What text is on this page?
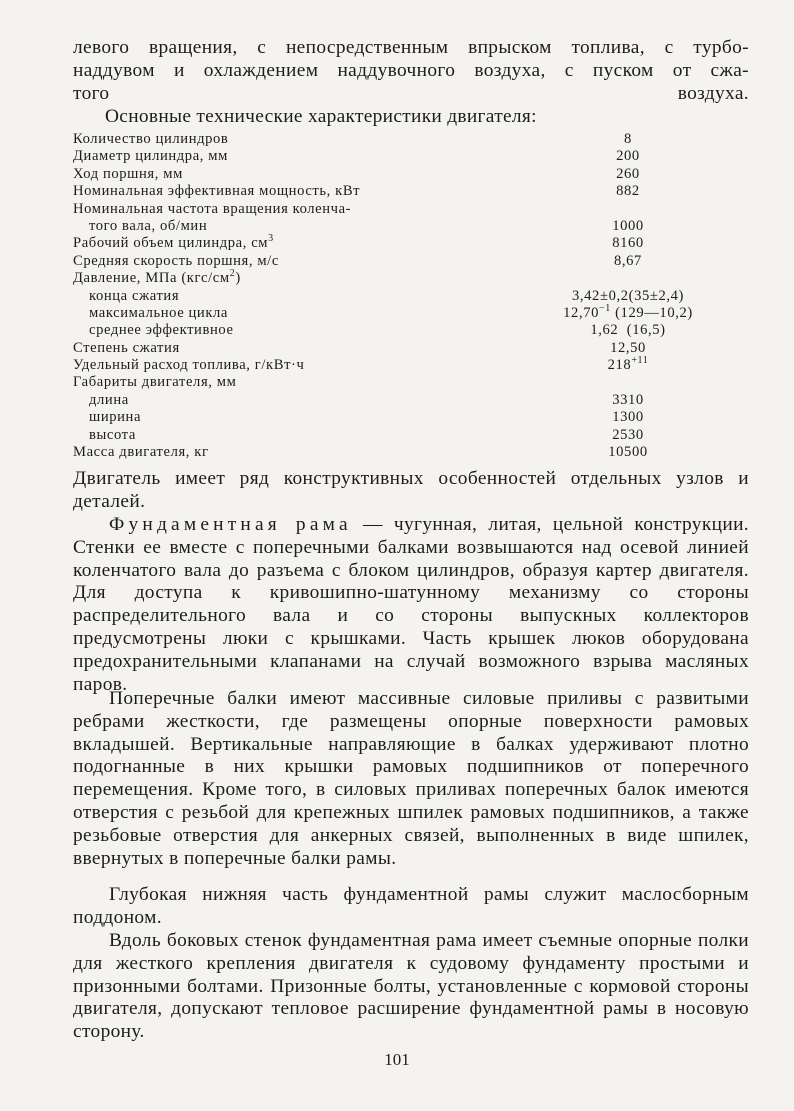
левого вращения, с непосредственным впрыском топлива, с турбо-
наддувом и охлаждением наддувочного воздуха, с пуском от сжа-
того воздуха.

Основные технические характеристики двигателя:
Количество цилиндров	8
Диаметр цилиндра, мм	200
Ход поршня, мм	260
Номинальная эффективная мощность, кВт	882
Номинальная частота вращения коленча-
того вала, об/мин	1000
Рабочий объем цилиндра, $см^3$	8160
Средняя скорость поршня, м/с	8,67
Давление, МПа $(кгс/см^2)$
конца сжатия	3,42±0,2(35±2,4)
максимальное цикла	$12,70^{-1}$ (129—10,2)
среднее эффективное	1,62  (16,5)
Степень сжатия	12,50
Удельный расход топлива, г/кВт·ч	$218^{+11}$
Габариты двигателя, мм
длина	3310
ширина	1300
высота	2530
Масса двигателя, кг	10500

Двигатель имеет ряд конструктивных особенностей отдельных узлов и деталей.

Фундаментная рама — чугунная, литая, цельной конструкции. Стенки ее вместе с поперечными балками возвышаются над осевой линией коленчатого вала до разъема с блоком цилиндров, образуя картер двигателя. Для доступа к кривошипно-шатунному механизму со стороны распределительного вала и со стороны выпускных коллекторов предусмотрены люки с крышками. Часть крышек люков оборудована предохранительными клапанами на случай возможного взрыва масляных паров.

Поперечные балки имеют массивные силовые приливы с развитыми ребрами жесткости, где размещены опорные поверхности рамовых вкладышей. Вертикальные направляющие в балках удерживают плотно подогнанные в них крышки рамовых подшипников от поперечного перемещения. Кроме того, в силовых приливах поперечных балок имеются отверстия с резьбой для крепежных шпилек рамовых подшипников, а также резьбовые отверстия для анкерных связей, выполненных в виде шпилек, ввернутых в поперечные балки рамы.

Глубокая нижняя часть фундаментной рамы служит маслосборным поддоном.

Вдоль боковых стенок фундаментная рама имеет съемные опорные полки для жесткого крепления двигателя к судовому фундаменту простыми и призонными болтами. Призонные болты, установленные с кормовой стороны двигателя, допускают тепловое расширение фундаментной рамы в носовую сторону.

101
